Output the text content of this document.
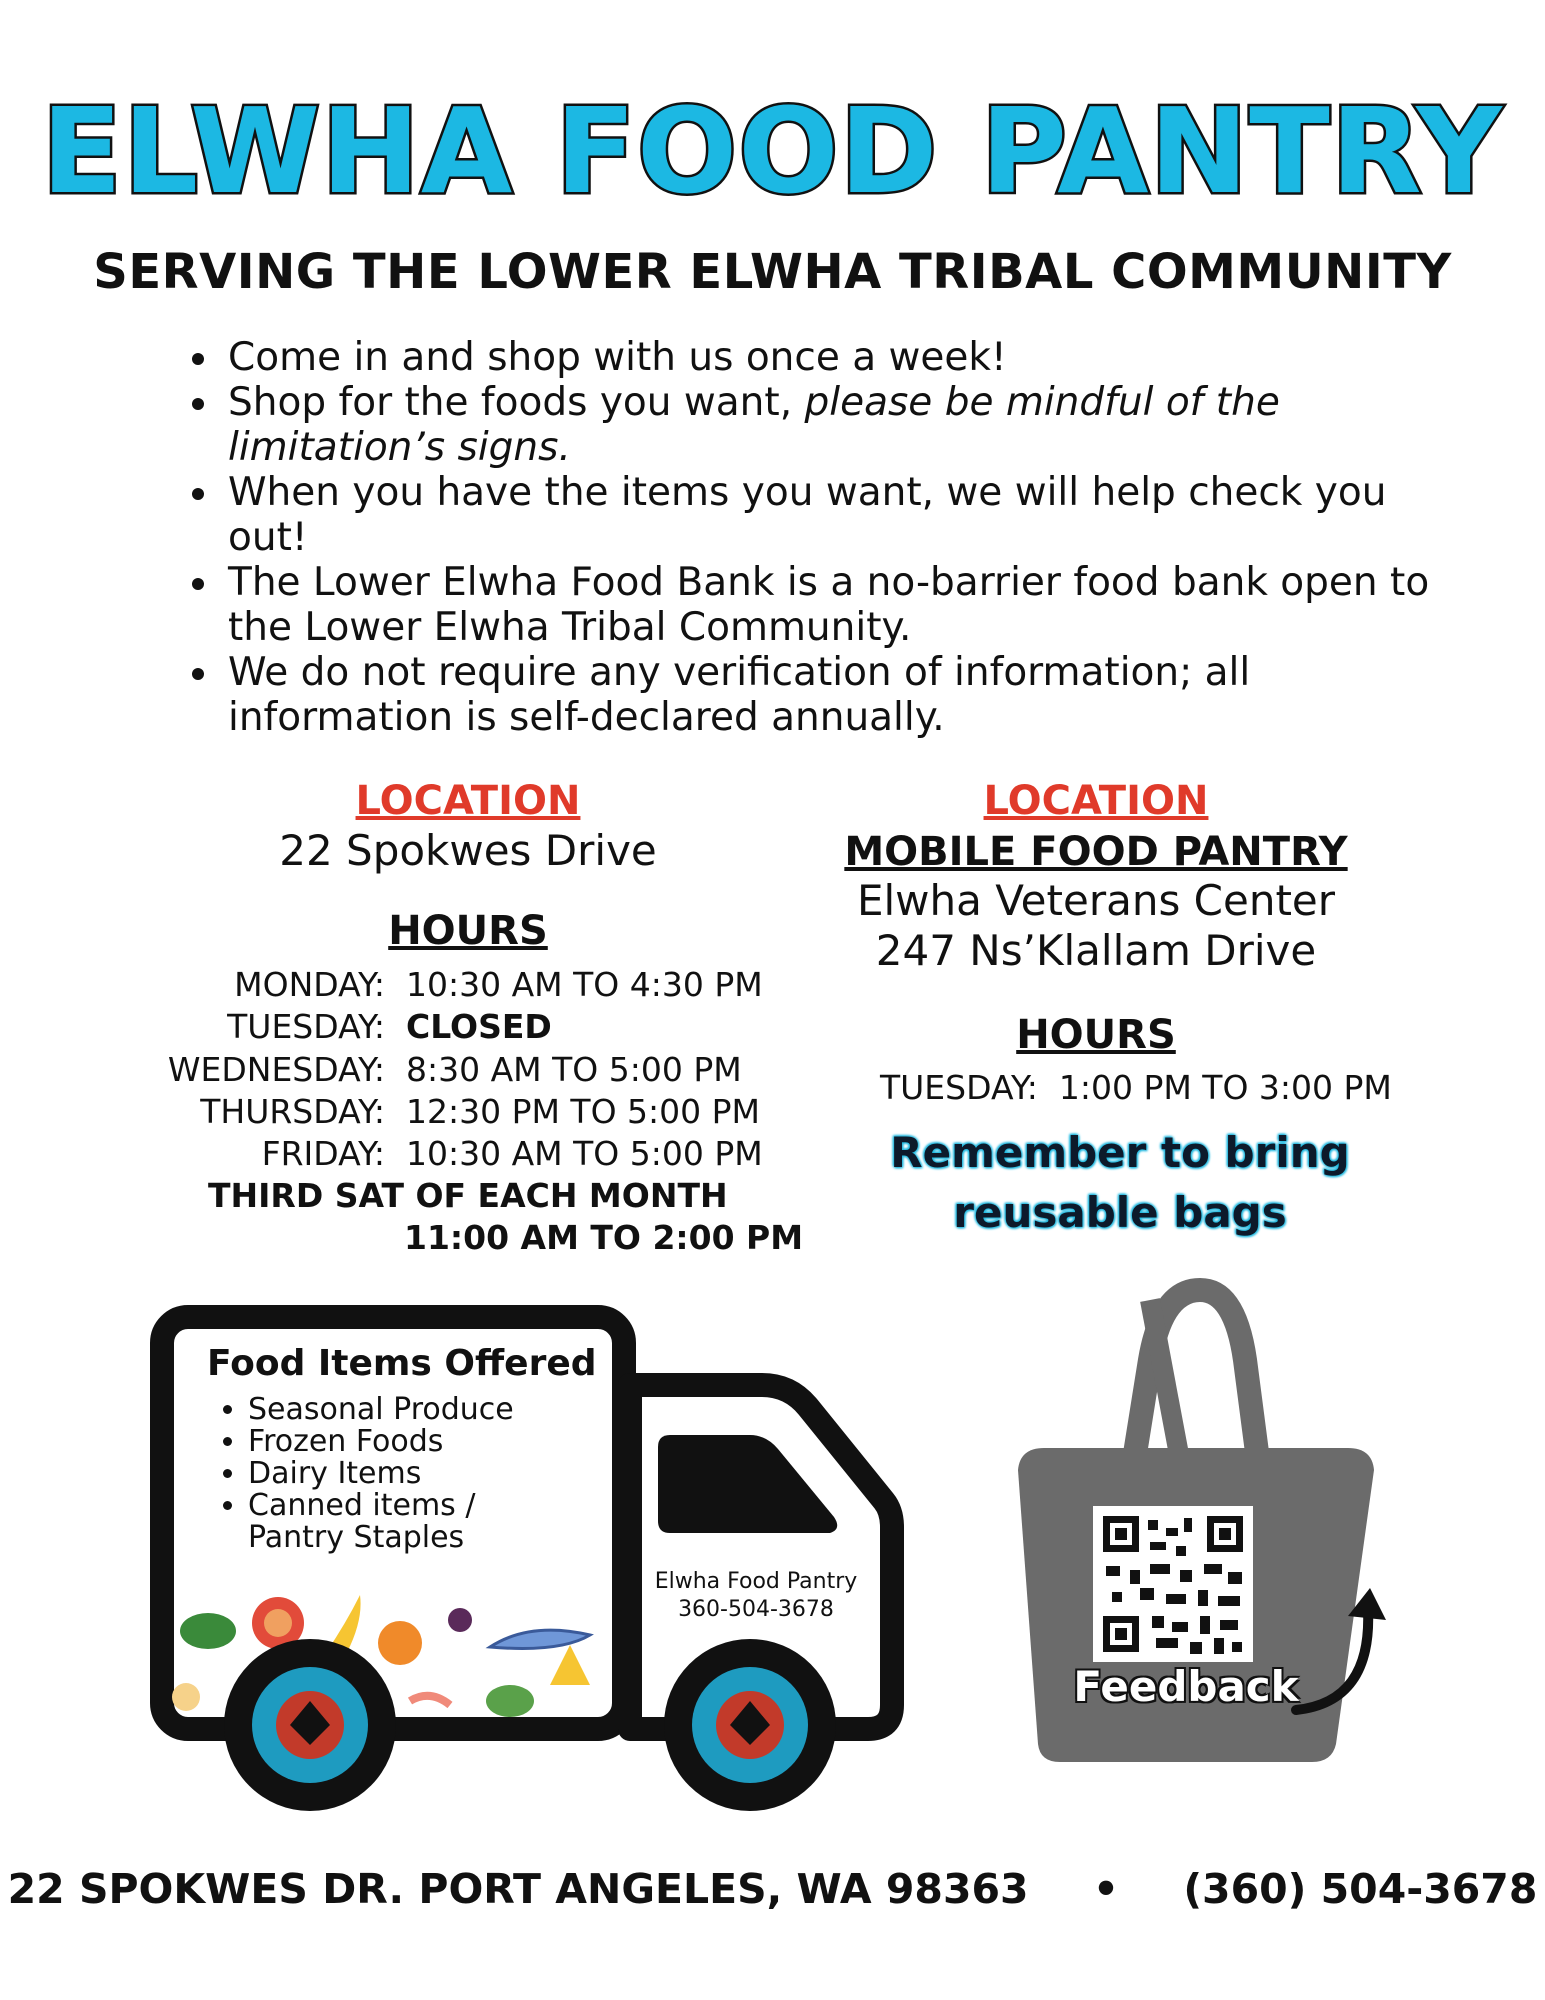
ELWHA FOOD PANTRY
SERVING THE LOWER ELWHA TRIBAL COMMUNITY
• Come in and shop with us once a week!
• Shop for the foods you want, please be mindful of the limitation’s signs.
• When you have the items you want, we will help check you out!
• The Lower Elwha Food Bank is a no-barrier food bank open to the Lower Elwha Tribal Community.
• We do not require any verification of information; all information is self-declared annually.
LOCATION
22 Spokwes Drive
HOURS
MONDAY: 10:30 AM TO 4:30 PM
TUESDAY: CLOSED
WEDNESDAY: 8:30 AM TO 5:00 PM
THURSDAY: 12:30 PM TO 5:00 PM
FRIDAY: 10:30 AM TO 5:00 PM
THIRD SAT OF EACH MONTH
11:00 AM TO 2:00 PM
LOCATION
MOBILE FOOD PANTRY
Elwha Veterans Center
247 Ns’Klallam Drive
HOURS
TUESDAY: 1:00 PM TO 3:00 PM
Remember to bring
reusable bags
Food Items Offered
• Seasonal Produce
• Frozen Foods
• Dairy Items
• Canned items /
Pantry Staples
Elwha Food Pantry
360-504-3678
Feedback
22 SPOKWES DR. PORT ANGELES, WA 98363 • (360) 504-3678
